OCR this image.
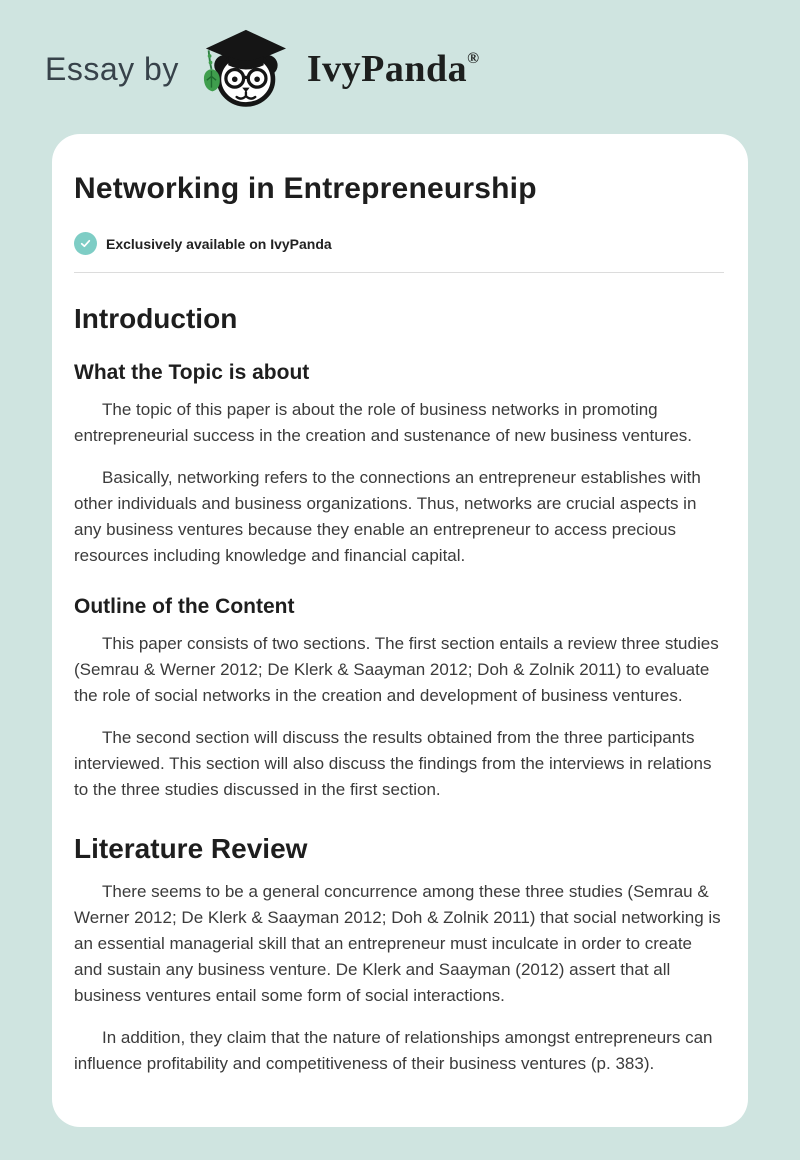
Essay by	IvyPanda®
Networking in Entrepreneurship
Exclusively available on IvyPanda
Introduction
What the Topic is about

The topic of this paper is about the role of business networks in promoting entrepreneurial success in the creation and sustenance of new business ventures.

Basically, networking refers to the connections an entrepreneur establishes with other individuals and business organizations. Thus, networks are crucial aspects in any business ventures because they enable an entrepreneur to access precious resources including knowledge and financial capital.

Outline of the Content

This paper consists of two sections. The first section entails a review three studies (Semrau & Werner 2012; De Klerk & Saayman 2012; Doh & Zolnik 2011) to evaluate the role of social networks in the creation and development of business ventures.

The second section will discuss the results obtained from the three participants interviewed. This section will also discuss the findings from the interviews in relations to the three studies discussed in the first section.

Literature Review

There seems to be a general concurrence among these three studies (Semrau & Werner 2012; De Klerk & Saayman 2012; Doh & Zolnik 2011) that social networking is an essential managerial skill that an entrepreneur must inculcate in order to create and sustain any business venture. De Klerk and Saayman (2012) assert that all business ventures entail some form of social interactions.

In addition, they claim that the nature of relationships amongst entrepreneurs can influence profitability and competitiveness of their business ventures (p. 383).
